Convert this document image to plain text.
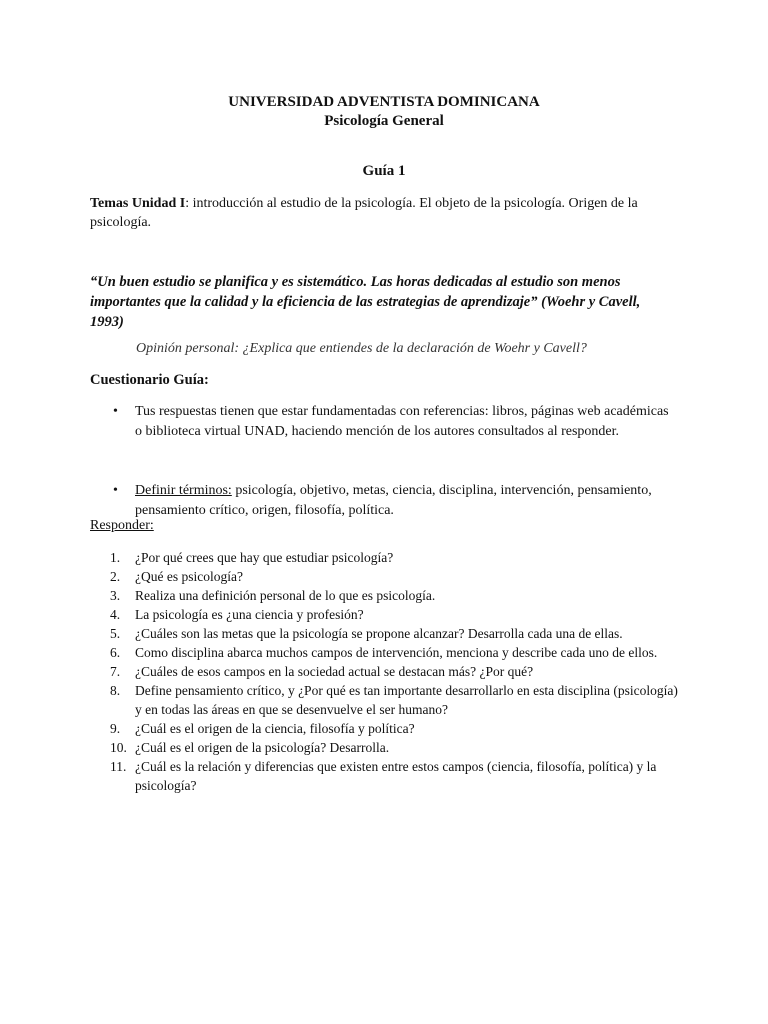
UNIVERSIDAD ADVENTISTA DOMINICANA
Psicología General
Guía 1
Temas Unidad I: introducción al estudio de la psicología. El objeto de la psicología. Origen de la psicología.
“Un buen estudio se planifica y es sistemático. Las horas dedicadas al estudio son menos importantes que la calidad y la eficiencia de las estrategias de aprendizaje” (Woehr y Cavell, 1993)
Opinión personal: ¿Explica que entiendes de la declaración de Woehr y Cavell?
Cuestionario Guía:
• Tus respuestas tienen que estar fundamentadas con referencias: libros, páginas web académicas o biblioteca virtual UNAD, haciendo mención de los autores consultados al responder.
• Definir términos: psicología, objetivo, metas, ciencia, disciplina, intervención, pensamiento, pensamiento crítico, origen, filosofía, política.
Responder:
1. ¿Por qué crees que hay que estudiar psicología?
2. ¿Qué es psicología?
3. Realiza una definición personal de lo que es psicología.
4. La psicología es ¿una ciencia y profesión?
5. ¿Cuáles son las metas que la psicología se propone alcanzar? Desarrolla cada una de ellas.
6. Como disciplina abarca muchos campos de intervención, menciona y describe cada uno de ellos.
7. ¿Cuáles de esos campos en la sociedad actual se destacan más? ¿Por qué?
8. Define pensamiento crítico, y ¿Por qué es tan importante desarrollarlo en esta disciplina (psicología) y en todas las áreas en que se desenvuelve el ser humano?
9. ¿Cuál es el origen de la ciencia, filosofía y política?
10. ¿Cuál es el origen de la psicología? Desarrolla.
11. ¿Cuál es la relación y diferencias que existen entre estos campos (ciencia, filosofía, política) y la psicología?
